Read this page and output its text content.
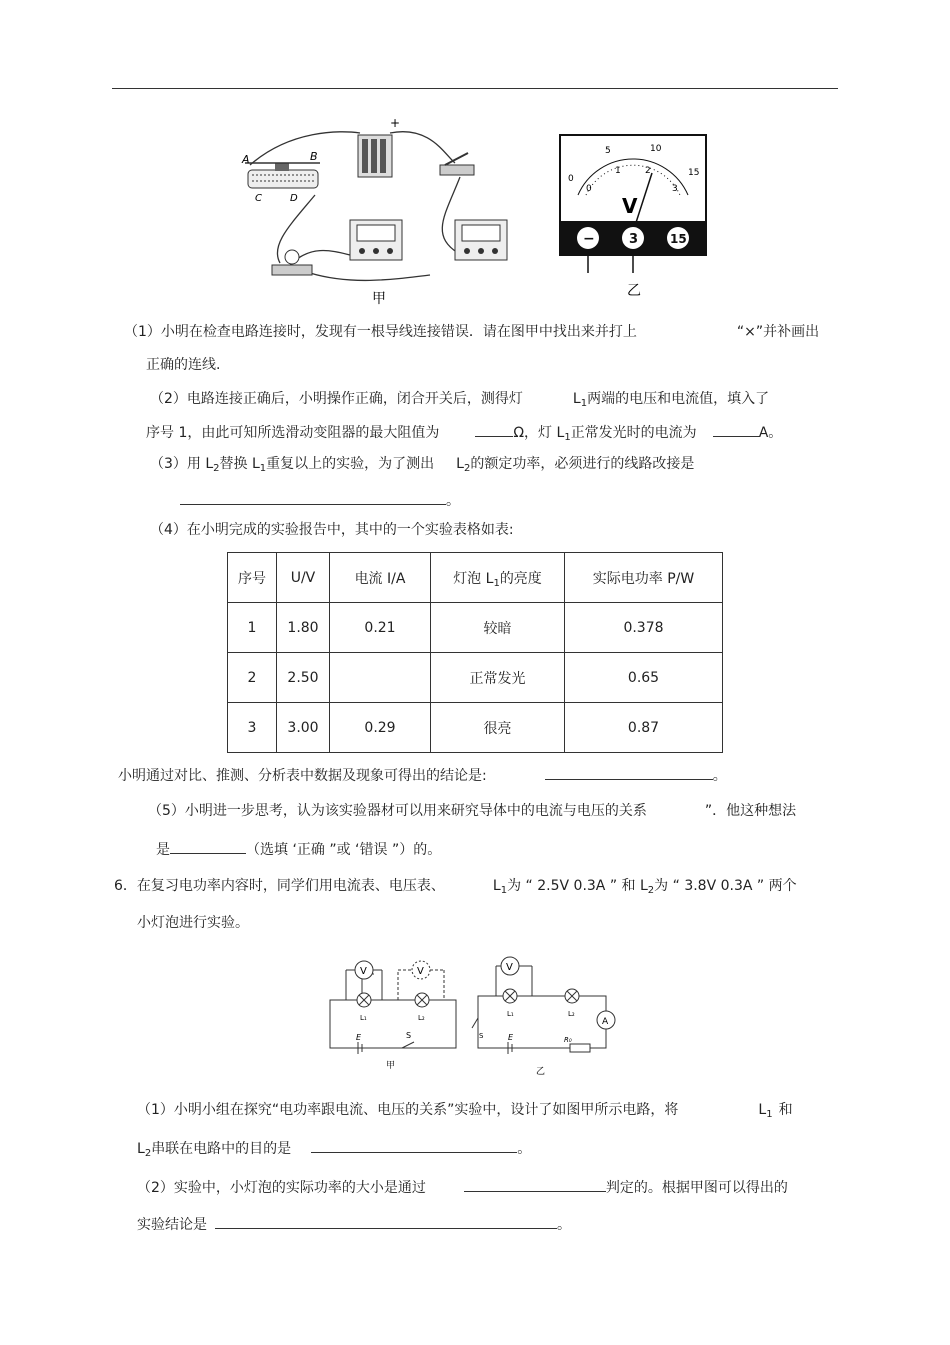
A	B
C	D
+
甲
0
5	10
15
0
1	2
3
V
−	3	15
乙
（1）小明在检查电路连接时，发现有一根导线连接错误．请在图甲中找出来并打上	“×”并补画出
正确的连线.
（2）电路连接正确后，小明操作正确，闭合开关后，测得灯	$L_1$两端的电压和电流值，填入了
序号 1，由此可知所选滑动变阻器的最大阻值为	Ω，灯 $L_1$正常发光时的电流为	A。
（3）用 $L_2$替换 $L_1$重复以上的实验，为了测出 $L_2$的额定功率，必须进行的线路改接是
。
（4）在小明完成的实验报告中，其中的一个实验表格如表:
序号	U/V	电流 I/A	灯泡 $L_1$的亮度	实际电功率 P/W
1	1.80	0.21	较暗	0.378
2	2.50		正常发光	0.65
3	3.00	0.29	很亮	0.87
小明通过对比、推测、分析表中数据及现象可得出的结论是:	。
（5）小明进一步思考，认为该实验器材可以用来研究导体中的电流与电压的关系	”．他这种想法
是	（选填 ‘正确 ”或 ‘错误 ”）的。
6．在复习电功率内容时，同学们用电流表、电压表、	$L_1$为 “ 2.5V 0.3A ” 和 $L_2$为 “ 3.8V 0.3A ” 两个
小灯泡进行实验。
V	V
L₁	L₂
E	S
甲
V
A
L₁	L₂
S	E	R₀
乙
（1）小明小组在探究“电功率跟电流、电压的关系”实验中，设计了如图甲所示电路，将	$L_1$ 和
$L_2$串联在电路中的目的是	。
（2）实验中，小灯泡的实际功率的大小是通过	判定的。根据甲图可以得出的
实验结论是	。
